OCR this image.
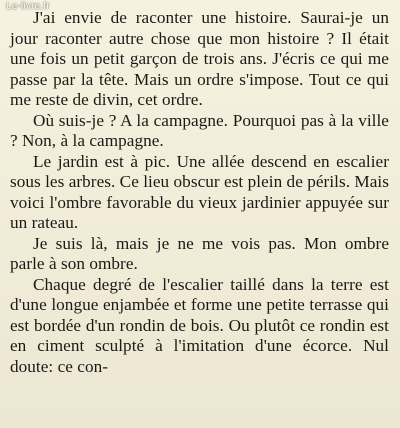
J'ai envie de raconter une histoire. Saurai-je un jour raconter autre chose que mon histoire ? Il était une fois un petit garçon de trois ans. J'écris ce qui me passe par la tête. Mais un ordre s'impose. Tout ce qui me reste de divin, cet ordre.

Où suis-je ? A la campagne. Pourquoi pas à la ville ? Non, à la campagne.

Le jardin est à pic. Une allée descend en escalier sous les arbres. Ce lieu obscur est plein de périls. Mais voici l'ombre favorable du vieux jardinier appuyée sur un rateau.

Je suis là, mais je ne me vois pas. Mon ombre parle à son ombre.

Chaque degré de l'escalier taillé dans la terre est d'une longue enjambée et forme une petite terrasse qui est bordée d'un rondin de bois. Ou plutôt ce rondin est en ciment sculpté à l'imitation d'une écorce. Nul doute: ce con-

Le-livre.fr
